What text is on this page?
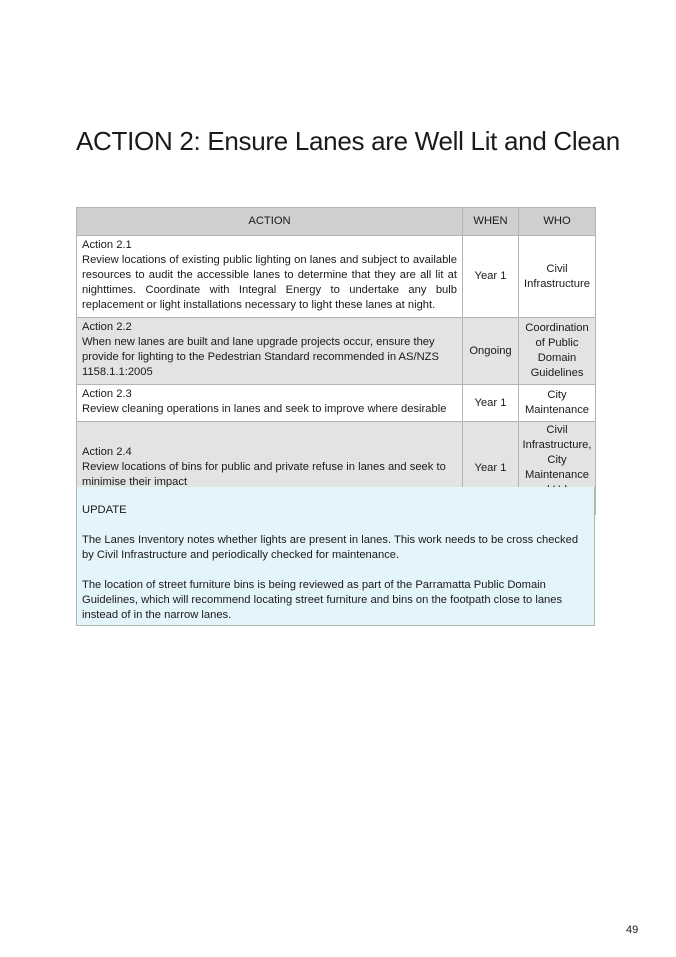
ACTION 2: Ensure Lanes are Well Lit and Clean
ACTION	WHEN	WHO

Action 2.1
Review locations of existing public lighting on lanes and subject to available resources to audit the accessible lanes to determine that they are all lit at nighttimes. Coordinate with Integral Energy to undertake any bulb replacement or light installations necessary to light these lanes at night.	Year 1	Civil Infrastructure

Action 2.2
When new lanes are built and lane upgrade projects occur, ensure they provide for lighting to the Pedestrian Standard recommended in AS/NZS 1158.1.1:2005	Ongoing	Coordination of Public Domain Guidelines

Action 2.3
Review cleaning operations in lanes and seek to improve where desirable	Year 1	City Maintenance

Action 2.4
Review locations of bins for public and private refuse in lanes and seek to minimise their impact	Year 1	Civil Infrastructure, City Maintenance

UPDATE

The Lanes Inventory notes whether lights are present in lanes. This work needs to be cross checked by Civil Infrastructure and periodically checked for maintenance.

The location of street furniture bins is being reviewed as part of the Parramatta Public Domain Guidelines, which will recommend locating street furniture and bins on the footpath close to lanes instead of in the narrow lanes.

49
